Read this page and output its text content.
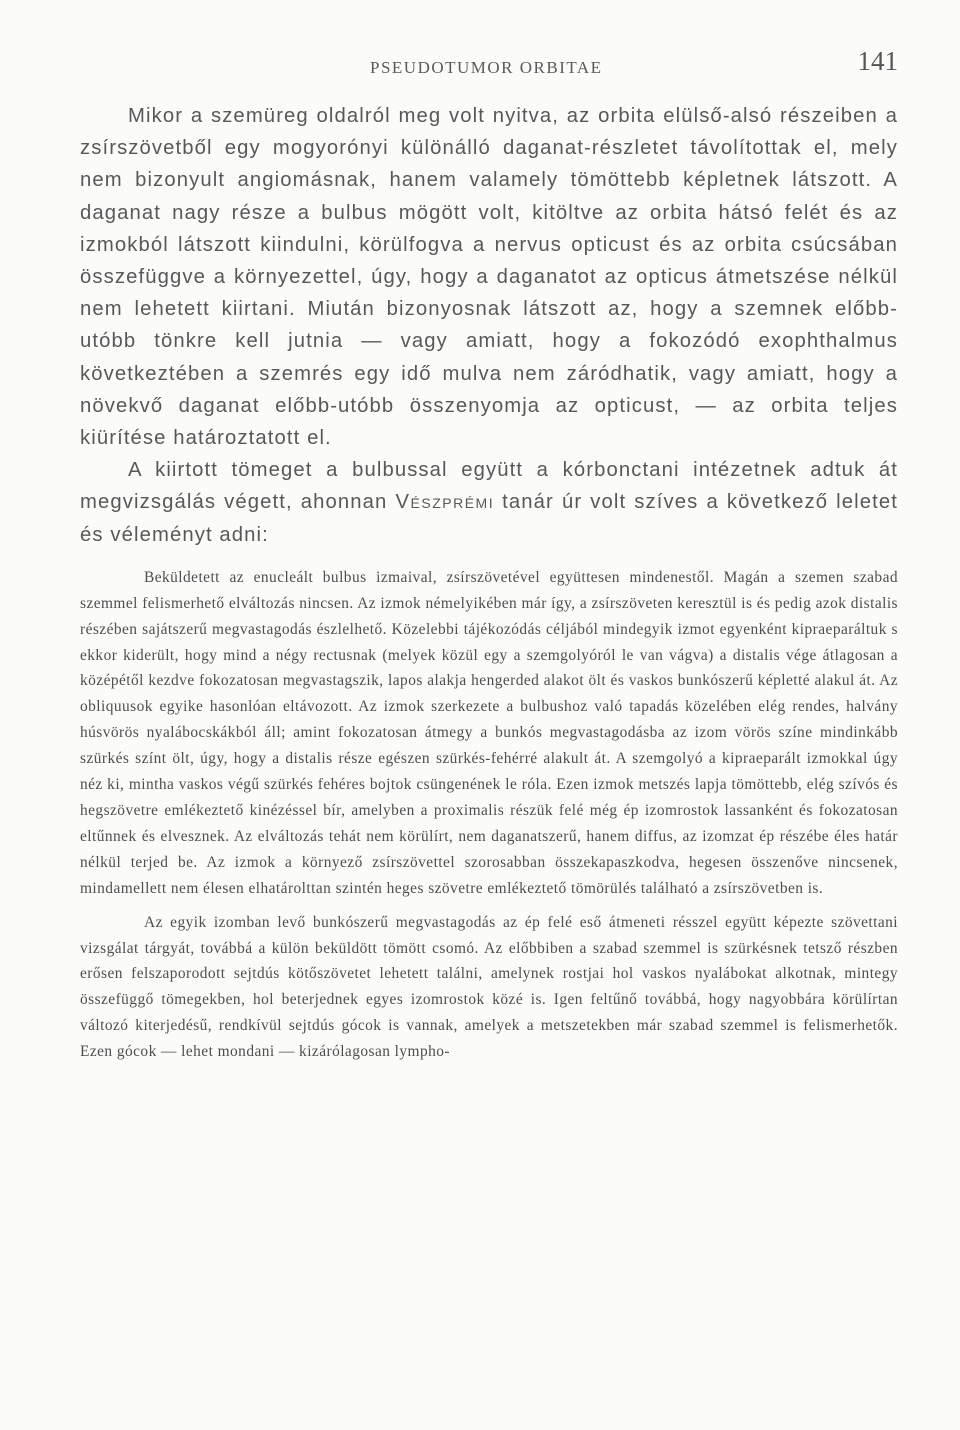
PSEUDOTUMOR ORBITAE	141

Mikor a szemüreg oldalról meg volt nyitva, az orbita elülső-alsó részeiben a zsírszövetből egy mogyorónyi különálló daganat-részletet távolítottak el, mely nem bizonyult angiomásnak, hanem valamely tömöttebb képletnek látszott. A daganat nagy része a bulbus mögött volt, kitöltve az orbita hátsó felét és az izmokból látszott kiindulni, körülfogva a nervus opticust és az orbita csúcsában összefüggve a környezettel, úgy, hogy a daganatot az opticus átmetszése nélkül nem lehetett kiirtani. Miután bizonyosnak látszott az, hogy a szemnek előbb-utóbb tönkre kell jutnia — vagy amiatt, hogy a fokozódó exophthalmus következtében a szemrés egy idő mulva nem záródhatik, vagy amiatt, hogy a növekvő daganat előbb-utóbb összenyomja az opticust, — az orbita teljes kiürítése határoztatott el.

A kiirtott tömeget a bulbussal együtt a kórbonctani intézetnek adtuk át megvizsgálás végett, ahonnan Vészprémi tanár úr volt szíves a következő leletet és véleményt adni:

Beküldetett az enucleált bulbus izmaival, zsírszövetével együttesen mindenestől. Magán a szemen szabad szemmel felismerhető elváltozás nincsen. Az izmok némelyikében már így, a zsírszöveten keresztül is és pedig azok distalis részében sajátszerű megvastagodás észlelhető. Közelebbi tájékozódás céljából mindegyik izmot egyenként kipraeparáltuk s ekkor kiderült, hogy mind a négy rectusnak (melyek közül egy a szemgolyóról le van vágva) a distalis vége átlagosan a középétől kezdve fokozatosan megvastagszik, lapos alakja hengerded alakot ölt és vaskos bunkószerű képletté alakul át. Az obliquusok egyike hasonlóan eltávozott. Az izmok szerkezete a bulbushoz való tapadás közelében elég rendes, halvány húsvörös nyalábocskákból áll; amint fokozatosan átmegy a bunkós megvastagodásba az izom vörös színe mindinkább szürkés színt ölt, úgy, hogy a distalis része egészen szürkés-fehérré alakult át. A szemgolyó a kipraeparált izmokkal úgy néz ki, mintha vaskos végű szürkés fehéres bojtok csüngenének le róla. Ezen izmok metszés lapja tömöttebb, elég szívós és hegszövetre emlékeztető kinézéssel bír, amelyben a proximalis részük felé még ép izomrostok lassanként és fokozatosan eltűnnek és elvesznek. Az elváltozás tehát nem körülírt, nem daganatszerű, hanem diffus, az izomzat ép részébe éles határ nélkül terjed be. Az izmok a környező zsírszövettel szorosabban összekapaszkodva, hegesen összenőve nincsenek, mindamellett nem élesen elhatárolttan szintén heges szövetre emlékeztető tömörülés található a zsírszövetben is.

Az egyik izomban levő bunkószerű megvastagodás az ép felé eső átmeneti résszel együtt képezte szövettani vizsgálat tárgyát, továbbá a külön beküldött tömött csomó. Az előbbiben a szabad szemmel is szürkésnek tetsző részben erősen felszaporodott sejtdús kötőszövetet lehetett találni, amelynek rostjai hol vaskos nyalábokat alkotnak, mintegy összefüggő tömegekben, hol beterjednek egyes izomrostok közé is. Igen feltűnő továbbá, hogy nagyobbára körülírtan változó kiterjedésű, rendkívül sejtdús gócok is vannak, amelyek a metszetekben már szabad szemmel is felismerhetők. Ezen gócok — lehet mondani — kizárólagosan lympho-
